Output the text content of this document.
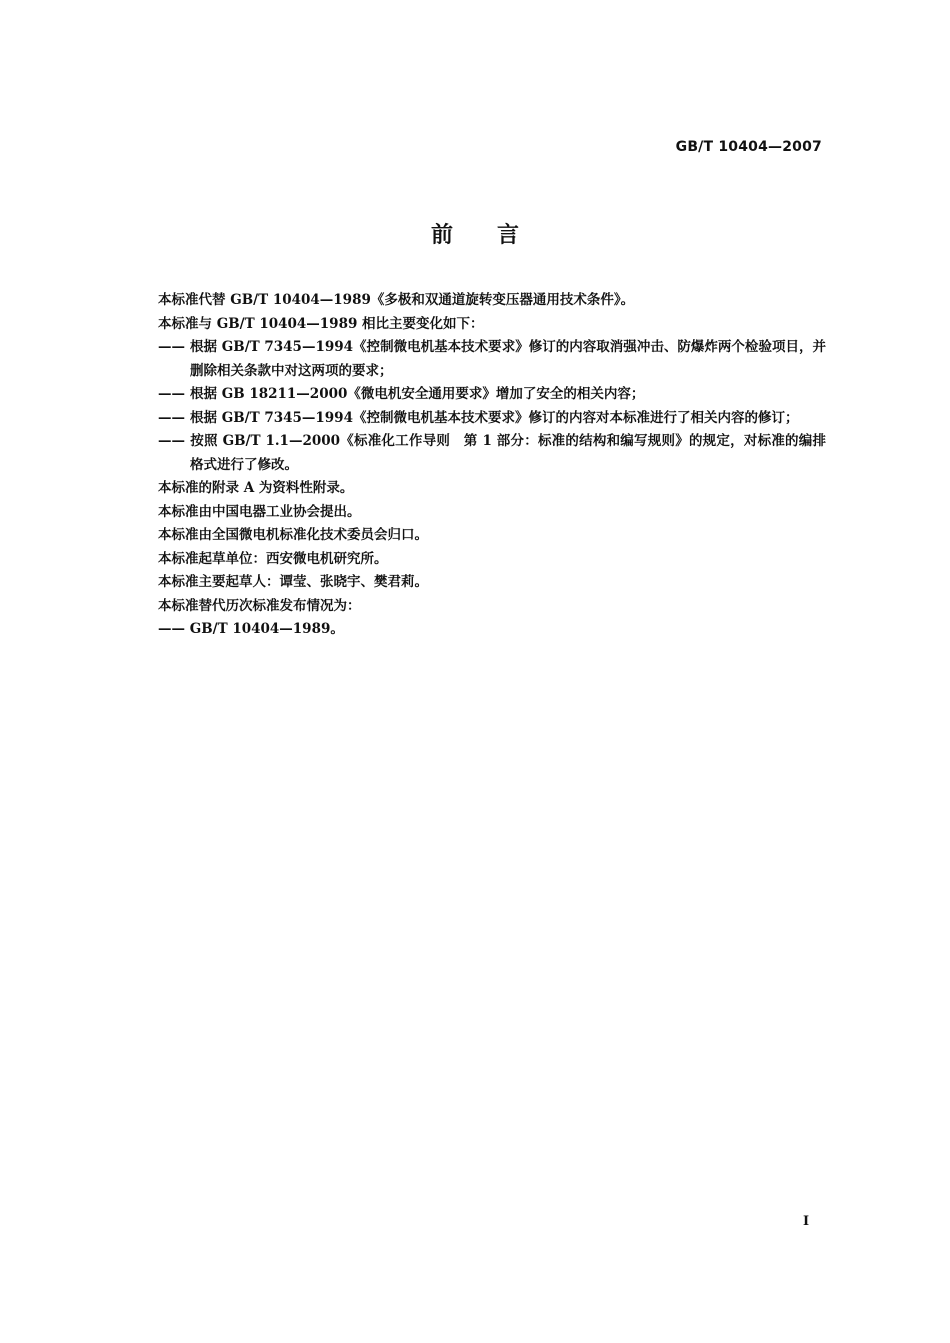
GB/T 10404—2007
前言

本标准代替 GB/T 10404—1989《多极和双通道旋转变压器通用技术条件》。

本标准与 GB/T 10404—1989 相比主要变化如下：

—— 根据 GB/T 7345—1994《控制微电机基本技术要求》修订的内容取消强冲击、防爆炸两个检验项目，并删除相关条款中对这两项的要求；

—— 根据 GB 18211—2000《微电机安全通用要求》增加了安全的相关内容；

—— 根据 GB/T 7345—1994《控制微电机基本技术要求》修订的内容对本标准进行了相关内容的修订；

—— 按照 GB/T 1.1—2000《标准化工作导则　第 1 部分：标准的结构和编写规则》的规定，对标准的编排格式进行了修改。

本标准的附录 A 为资料性附录。

本标准由中国电器工业协会提出。

本标准由全国微电机标准化技术委员会归口。

本标准起草单位：西安微电机研究所。

本标准主要起草人：谭莹、张晓宇、樊君莉。

本标准替代历次标准发布情况为：

—— GB/T 10404—1989。

I
